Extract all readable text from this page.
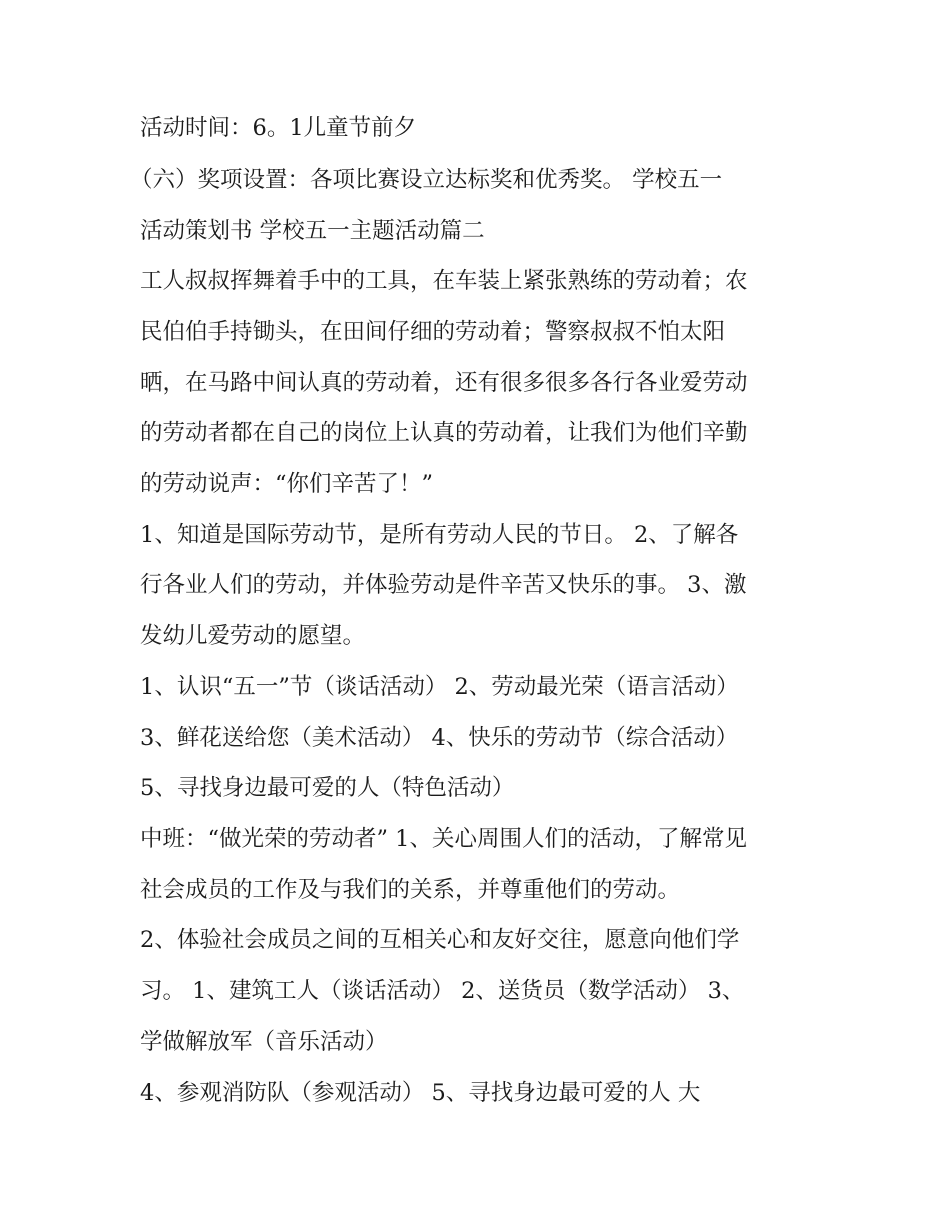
活动时间：6。1儿童节前夕
（六）奖项设置：各项比赛设立达标奖和优秀奖。 学校五一
活动策划书 学校五一主题活动篇二
工人叔叔挥舞着手中的工具，在车装上紧张熟练的劳动着；农
民伯伯手持锄头，在田间仔细的劳动着；警察叔叔不怕太阳
晒，在马路中间认真的劳动着，还有很多很多各行各业爱劳动
的劳动者都在自己的岗位上认真的劳动着，让我们为他们辛勤
的劳动说声：“你们辛苦了！”
1、知道是国际劳动节，是所有劳动人民的节日。 2、了解各
行各业人们的劳动，并体验劳动是件辛苦又快乐的事。 3、激
发幼儿爱劳动的愿望。
1、认识“五一”节（谈话活动） 2、劳动最光荣（语言活动）
3、鲜花送给您（美术活动） 4、快乐的劳动节（综合活动）
5、寻找身边最可爱的人（特色活动）
中班：“做光荣的劳动者” 1、关心周围人们的活动，了解常见
社会成员的工作及与我们的关系，并尊重他们的劳动。
2、体验社会成员之间的互相关心和友好交往，愿意向他们学
习。 1、建筑工人（谈话活动） 2、送货员（数学活动） 3、
学做解放军（音乐活动）
4、参观消防队（参观活动） 5、寻找身边最可爱的人 大
